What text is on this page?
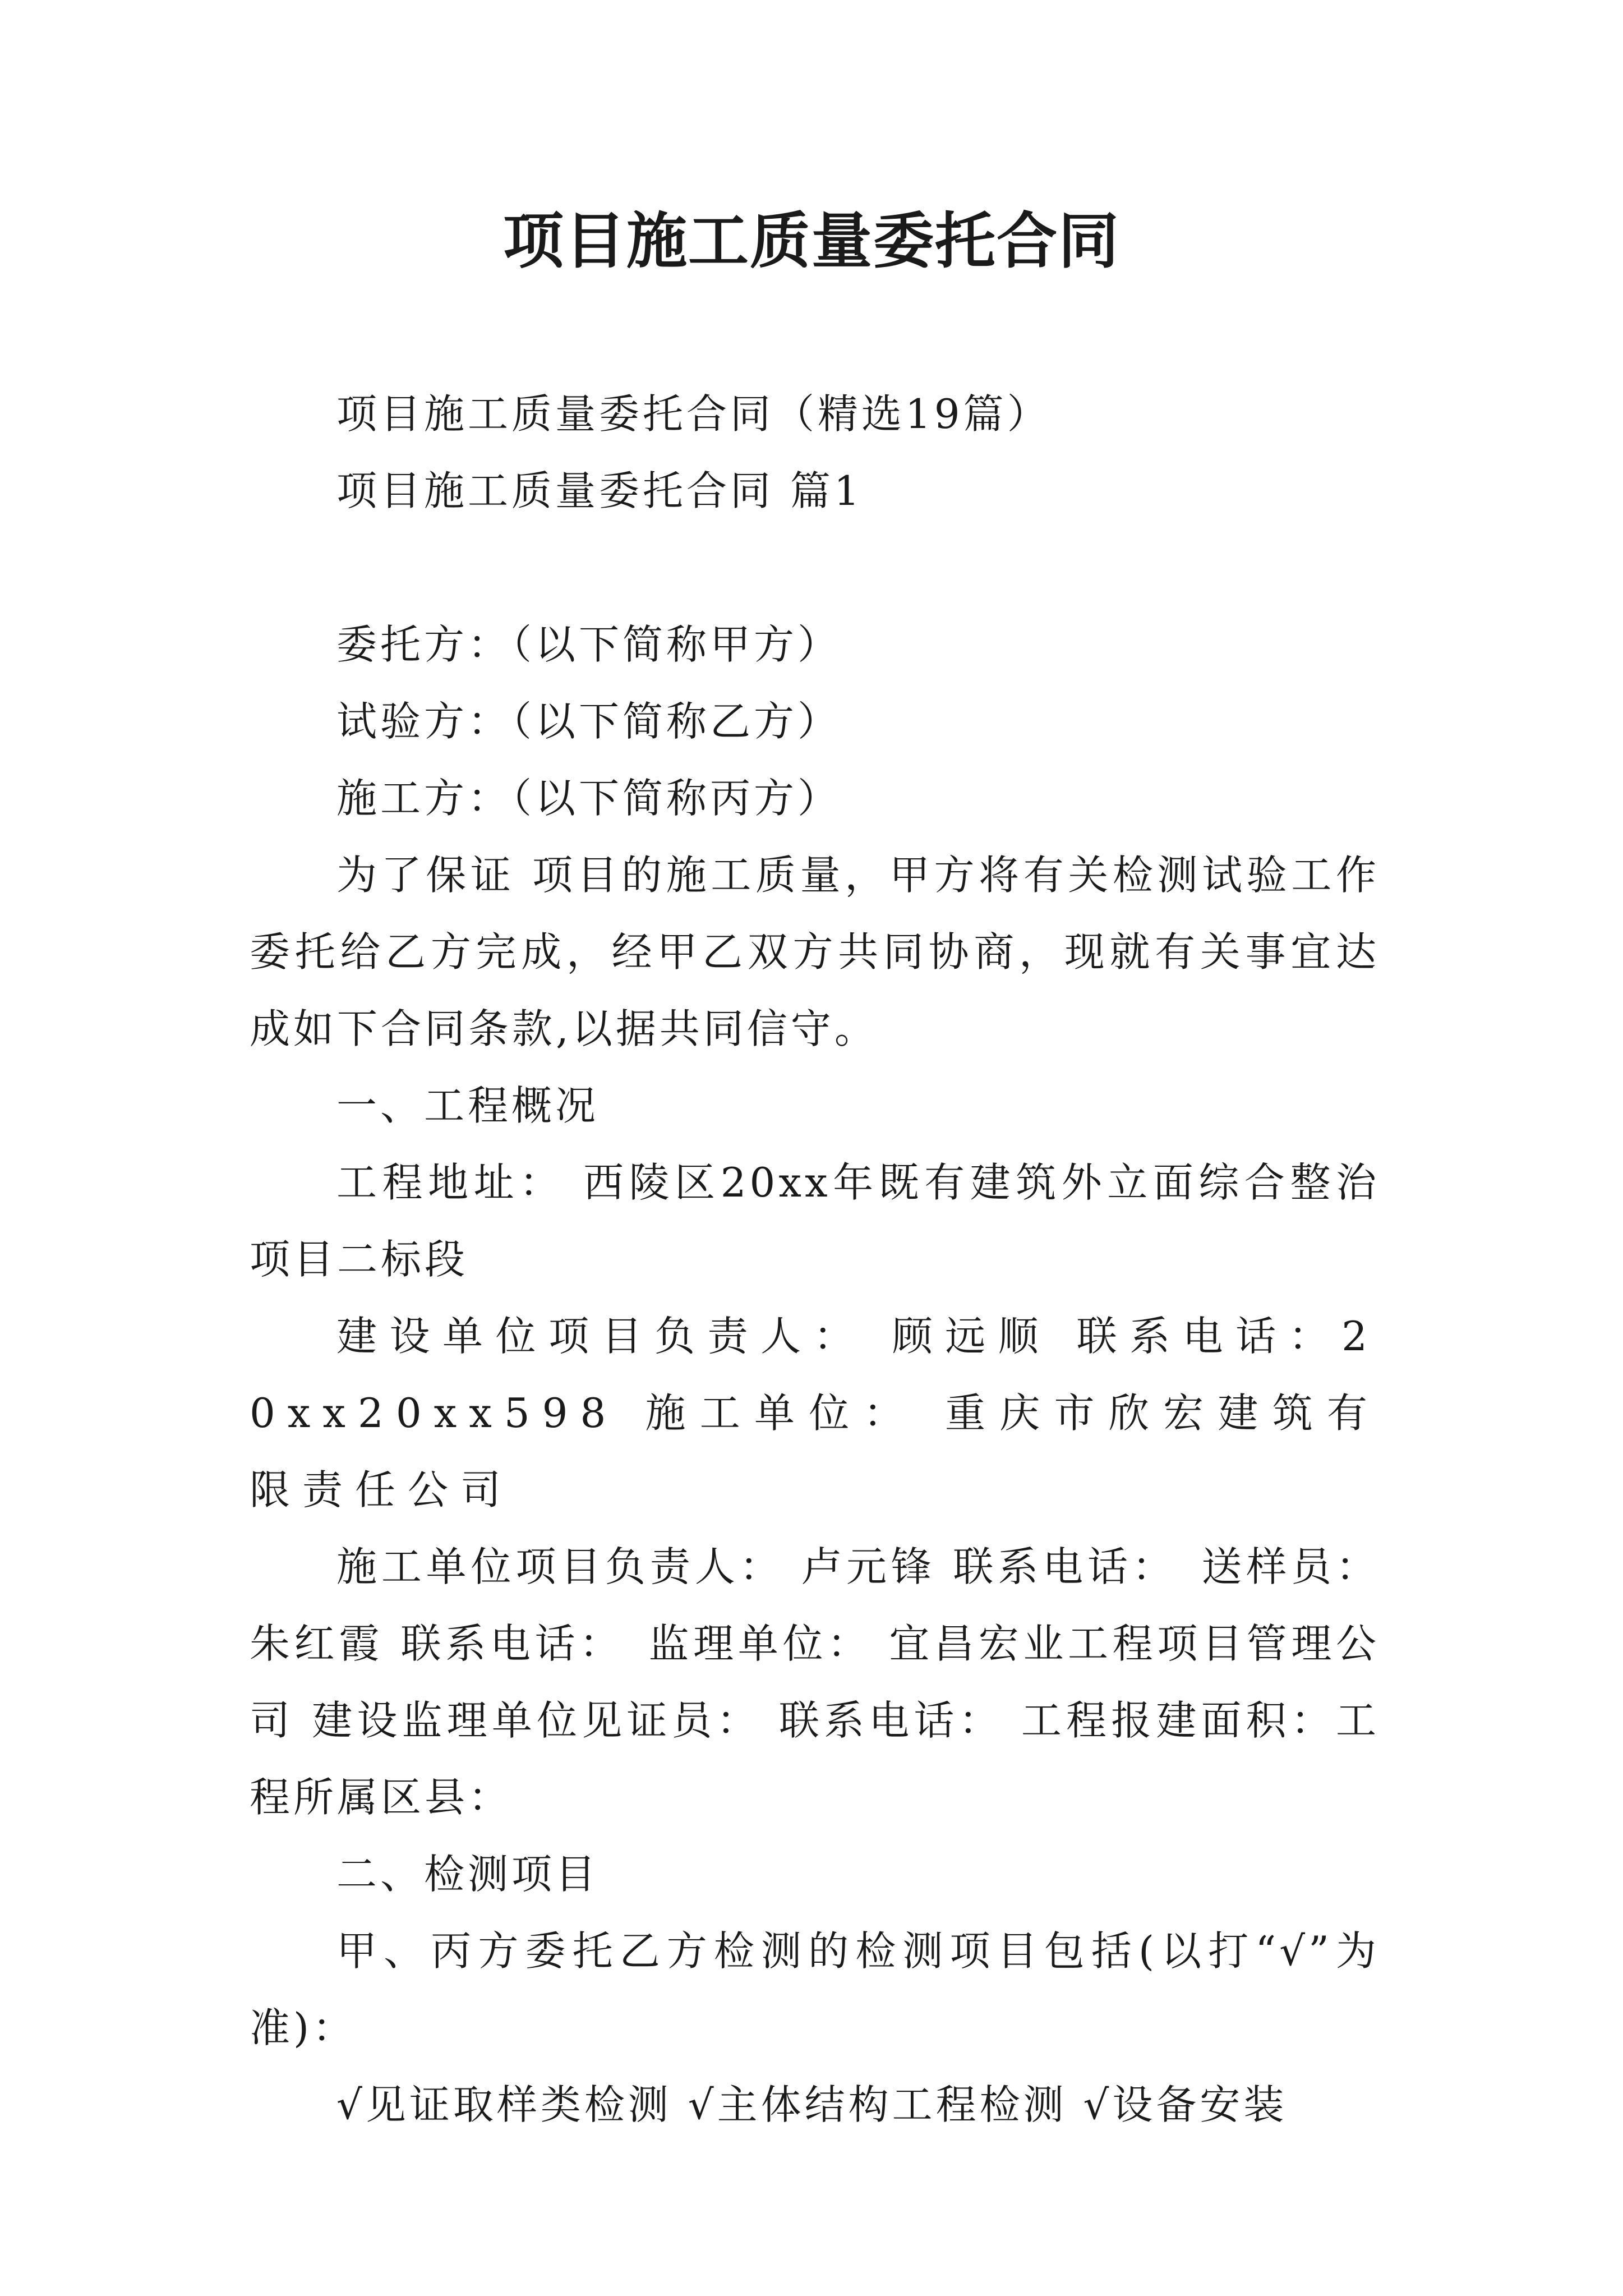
项目施工质量委托合同

项目施工质量委托合同（精选19篇）

项目施工质量委托合同 篇1

委托方：（以下简称甲方）

试验方：（以下简称乙方）

施工方：（以下简称丙方）

为了保证 项目的施工质量，甲方将有关检测试验工作委托给乙方完成，经甲乙双方共同协商，现就有关事宜达成如下合同条款,以据共同信守。

一、工程概况

工程地址： 西陵区20xx年既有建筑外立面综合整治项目二标段

建设单位项目负责人： 顾远顺 联系电话：20xx20xx598 施工单位： 重庆市欣宏建筑有限责任公司

施工单位项目负责人： 卢元锋 联系电话：　送样员：朱红霞 联系电话：　监理单位： 宜昌宏业工程项目管理公司 建设监理单位见证员： 联系电话： 工程报建面积：工程所属区县：

二、检测项目

甲、丙方委托乙方检测的检测项目包括(以打“√”为准)：

√见证取样类检测 √主体结构工程检测 √设备安装
